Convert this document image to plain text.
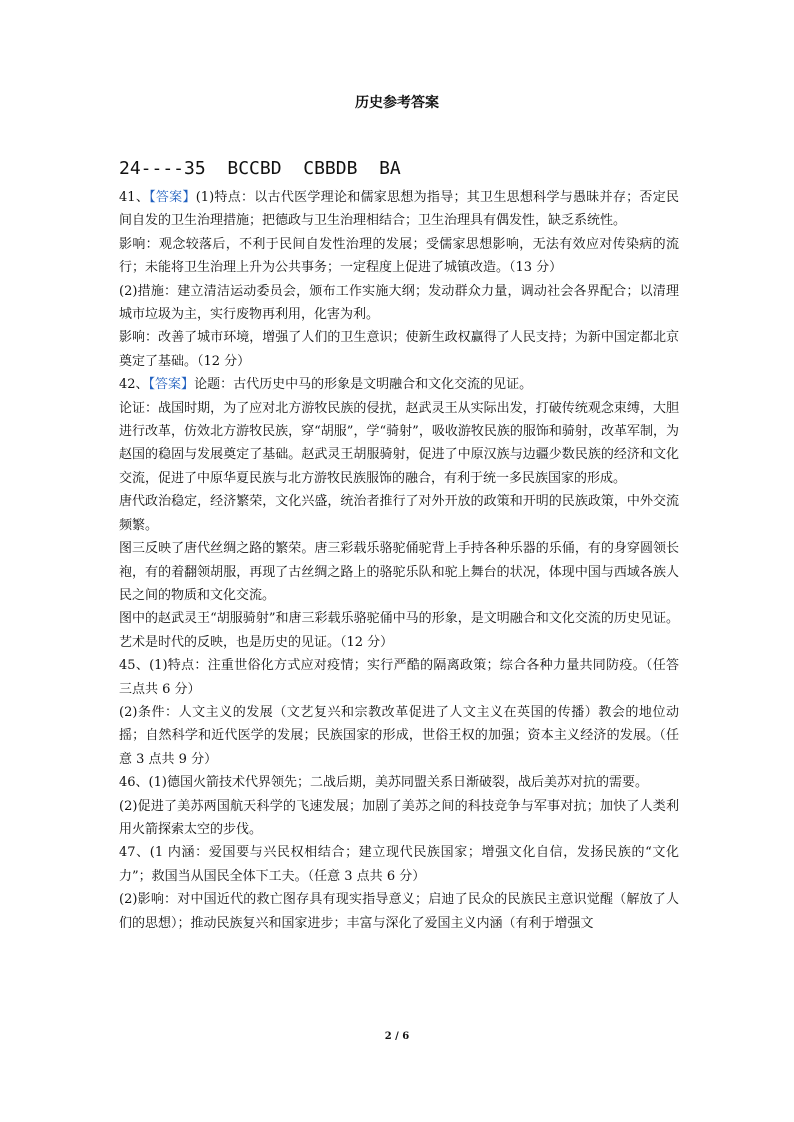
历史参考答案
24----35  BCCBD  CBBDB  BA

41、【答案】(1)特点：以古代医学理论和儒家思想为指导；其卫生思想科学与愚昧并存；否定民间自发的卫生治理措施；把德政与卫生治理相结合；卫生治理具有偶发性，缺乏系统性。

影响：观念较落后，不利于民间自发性治理的发展；受儒家思想影响，无法有效应对传染病的流行；未能将卫生治理上升为公共事务；一定程度上促进了城镇改造。（13 分）

(2)措施：建立清洁运动委员会，颁布工作实施大纲；发动群众力量，调动社会各界配合；以清理城市垃圾为主，实行废物再利用，化害为利。

影响：改善了城市环境，增强了人们的卫生意识；使新生政权赢得了人民支持；为新中国定都北京奠定了基础。（12 分）

42、【答案】论题：古代历史中马的形象是文明融合和文化交流的见证。

论证：战国时期，为了应对北方游牧民族的侵扰，赵武灵王从实际出发，打破传统观念束缚，大胆进行改革，仿效北方游牧民族，穿“胡服”，学“骑射”，吸收游牧民族的服饰和骑射，改革军制，为赵国的稳固与发展奠定了基础。赵武灵王胡服骑射，促进了中原汉族与边疆少数民族的经济和文化交流，促进了中原华夏民族与北方游牧民族服饰的融合，有利于统一多民族国家的形成。

唐代政治稳定，经济繁荣，文化兴盛，统治者推行了对外开放的政策和开明的民族政策，中外交流频繁。

图三反映了唐代丝绸之路的繁荣。唐三彩载乐骆驼俑驼背上手持各种乐器的乐俑，有的身穿圆领长袍，有的着翻领胡服，再现了古丝绸之路上的骆驼乐队和驼上舞台的状况，体现中国与西域各族人民之间的物质和文化交流。

图中的赵武灵王“胡服骑射”和唐三彩载乐骆驼俑中马的形象，是文明融合和文化交流的历史见证。艺术是时代的反映，也是历史的见证。（12 分）

45、(1)特点：注重世俗化方式应对疫情；实行严酷的隔离政策；综合各种力量共同防疫。（任答三点共 6 分）

(2)条件：人文主义的发展（文艺复兴和宗教改革促进了人文主义在英国的传播）教会的地位动摇；自然科学和近代医学的发展；民族国家的形成，世俗王权的加强；资本主义经济的发展。（任意 3 点共 9 分）

46、(1)德国火箭技术代界领先；二战后期，美苏同盟关系日渐破裂，战后美苏对抗的需要。

(2)促进了美苏两国航天科学的飞速发展；加剧了美苏之间的科技竞争与军事对抗；加快了人类利用火箭探索太空的步伐。

47、(1 内涵：爱国要与兴民权相结合；建立现代民族国家；增强文化自信，发扬民族的“文化力”；救国当从国民全体下工夫。（任意 3 点共 6 分）

(2)影响：对中国近代的救亡图存具有现实指导意义；启迪了民众的民族民主意识觉醒（解放了人们的思想）；推动民族复兴和国家进步；丰富与深化了爱国主义内涵（有利于增强文

2 / 6
